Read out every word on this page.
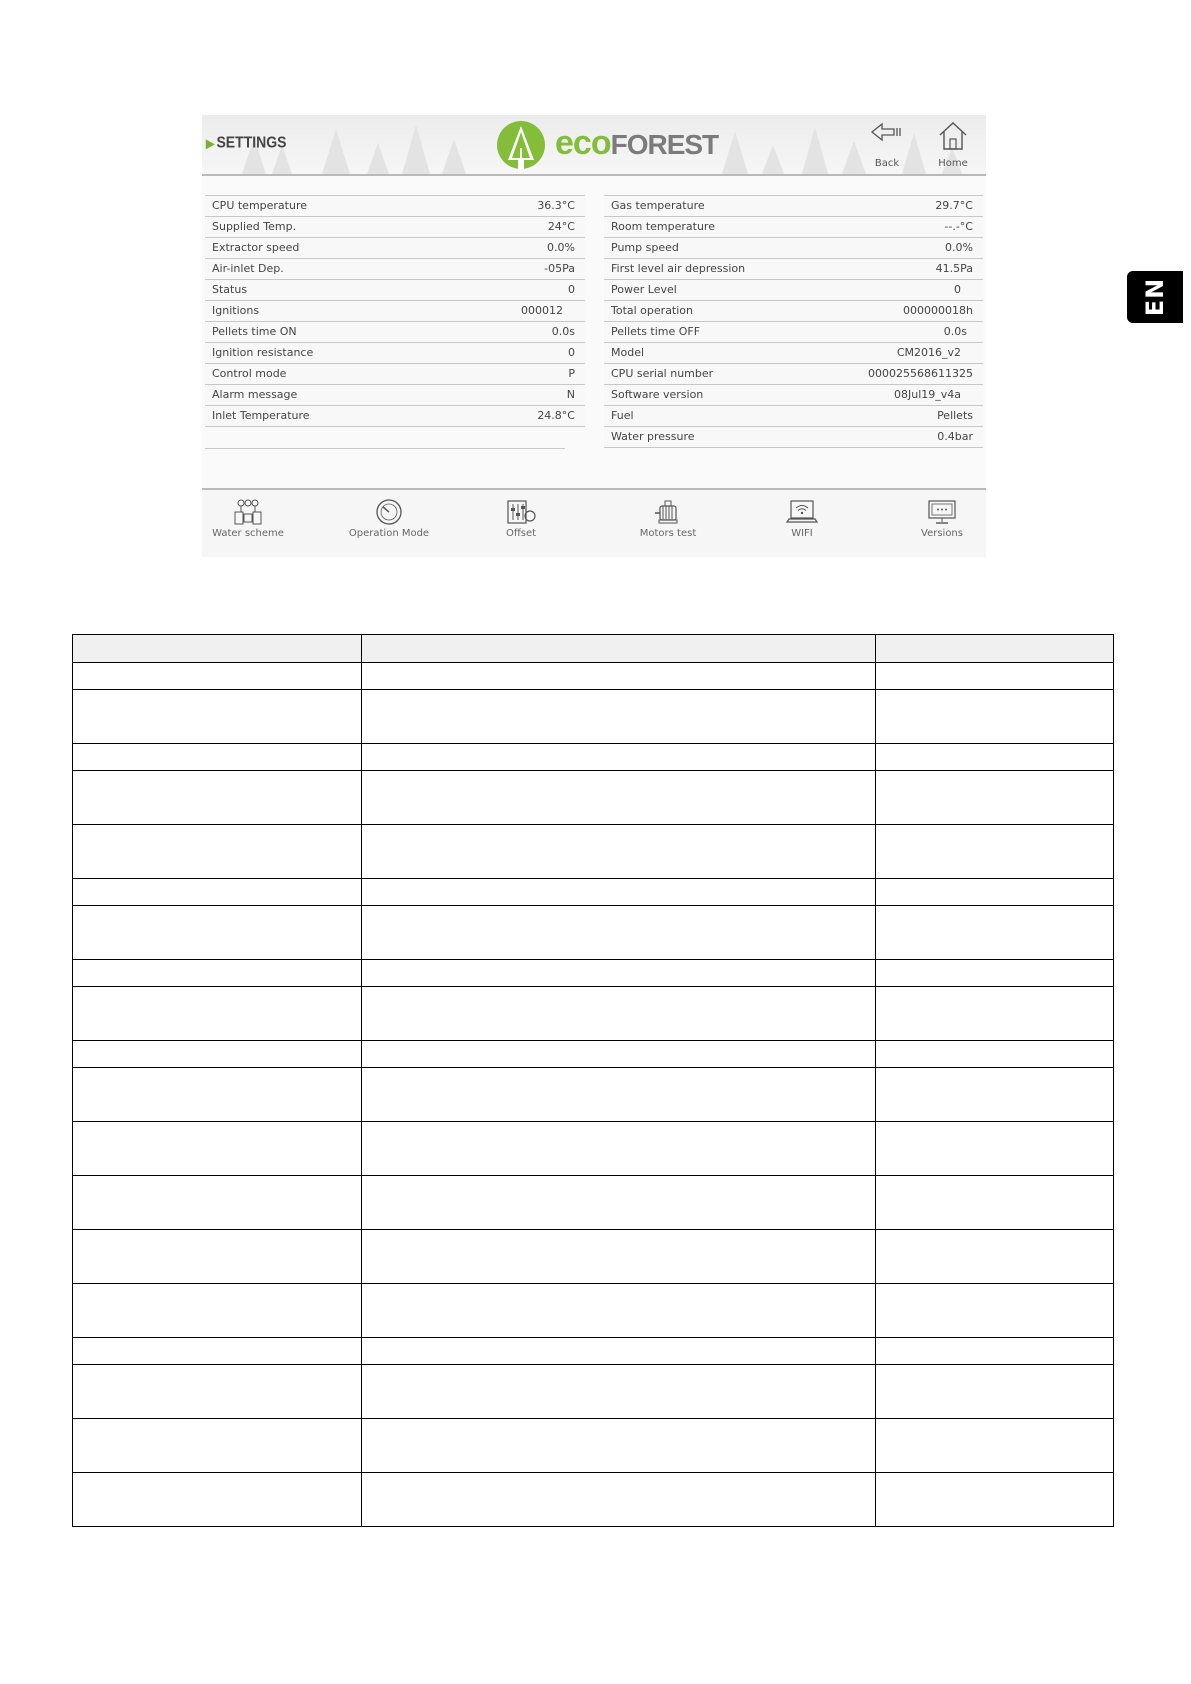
EN
▶ SETTINGS	ecoFOREST
Back	Home
CPU temperature	36.3°C
Supplied Temp.	24°C
Extractor speed	0.0%
Air-inlet Dep.	-05Pa
Status	0
Ignitions	000012
Pellets time ON	0.0s
Ignition resistance	0
Control mode	P
Alarm message	N
Inlet Temperature	24.8°C
Gas temperature	29.7°C
Room temperature	--.-°C
Pump speed	0.0%
First level air depression	41.5Pa
Power Level	0
Total operation	000000018h
Pellets time OFF	0.0s
Model	CM2016_v2
CPU serial number	000025568611325
Software version	08Jul19_v4a
Fuel	Pellets
Water pressure	0.4bar
Water scheme	Operation Mode	Offset	Motors test	WIFI	Versions
